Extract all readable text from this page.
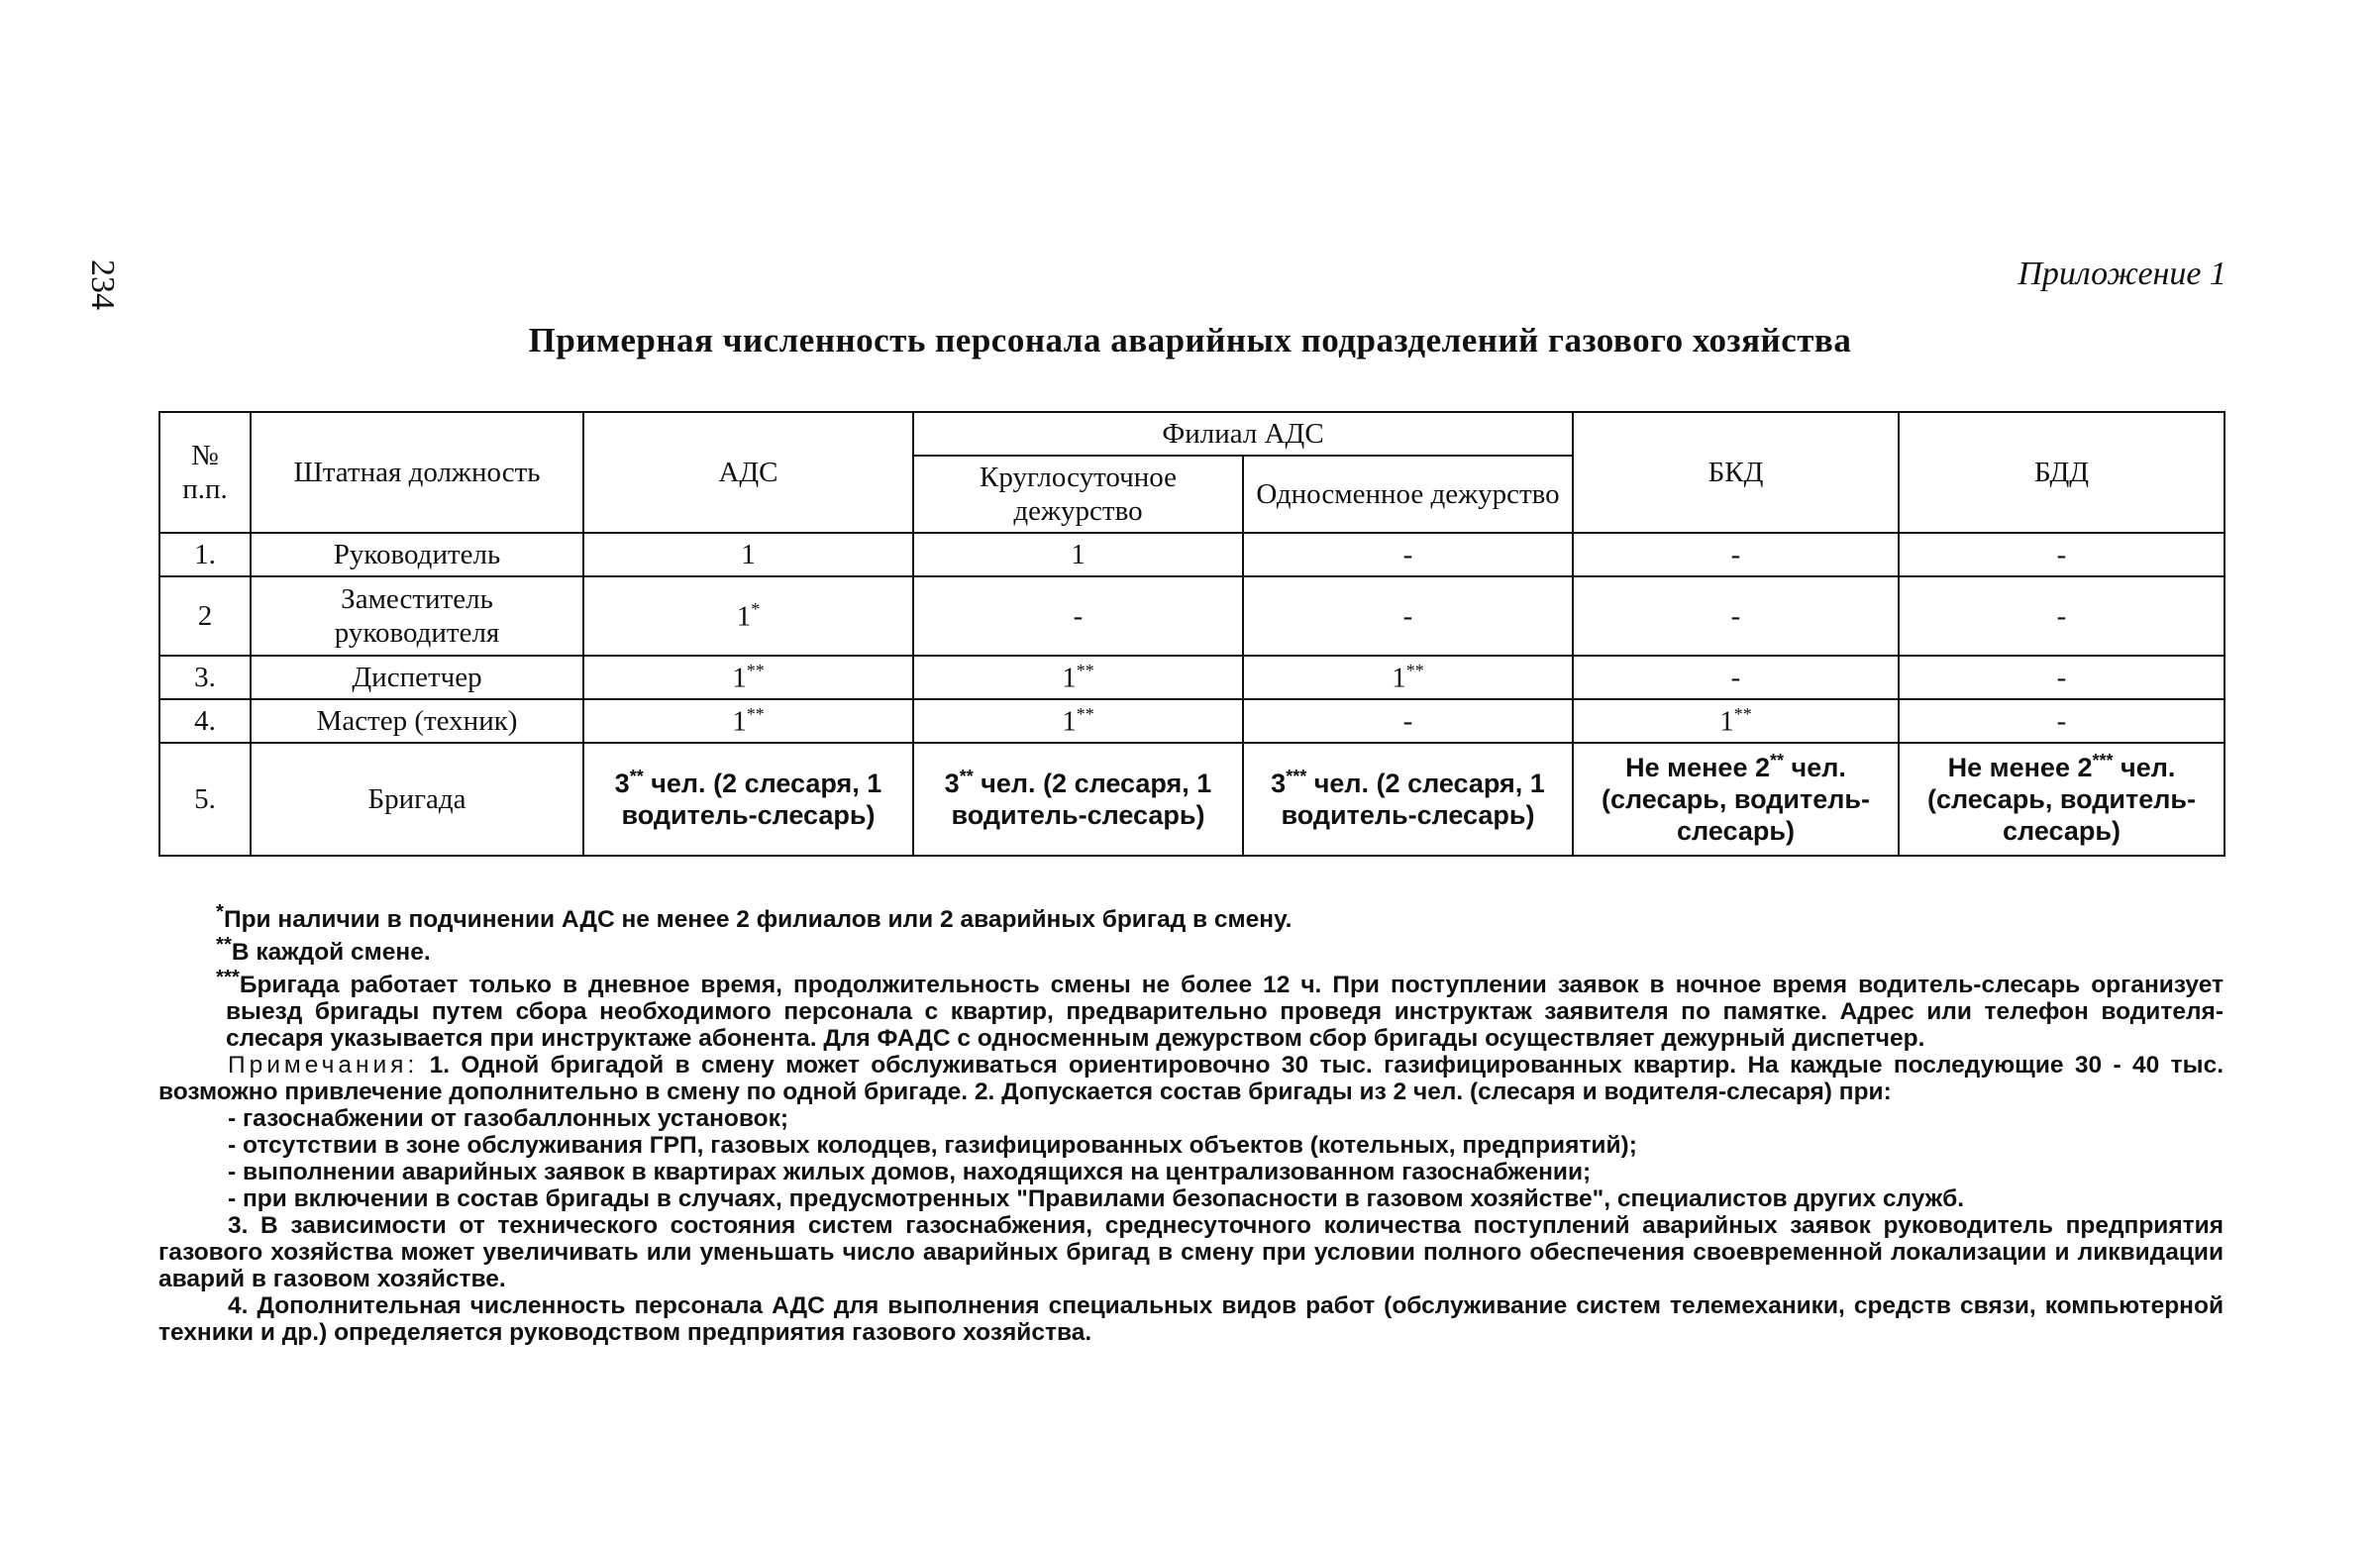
234	Приложение 1
Примерная численность персонала аварийных подразделений газового хозяйства
№ п.п.	Штатная должность	АДС	Филиал АДС		БКД	БДД
			Круглосуточное дежурство	Односменное дежурство		
1.	Руководитель	1	1	-	-	-
2	Заместитель руководителя	1*	-	-	-	-
3.	Диспетчер	1**	1**	1**	-	-
4.	Мастер (техник)	1**	1**	-	1**	-
5.	Бригада	3** чел. (2 слесаря, 1 водитель-слесарь)	3** чел. (2 слесаря, 1 водитель-слесарь)	3*** чел. (2 слесаря, 1 водитель-слесарь)	Не менее 2** чел. (слесарь, водитель-слесарь)	Не менее 2*** чел. (слесарь, водитель-слесарь)

*При наличии в подчинении АДС не менее 2 филиалов или 2 аварийных бригад в смену.

**В каждой смене.

***Бригада работает только в дневное время, продолжительность смены не более 12 ч. При поступлении заявок в ночное время водитель-слесарь организует выезд бригады путем сбора необходимого персонала с квартир, предварительно проведя инструктаж заявителя по памятке. Адрес или телефон водителя-слесаря указывается при инструктаже абонента. Для ФАДС с односменным дежурством сбор бригады осуществляет дежурный диспетчер.

Примечания: 1. Одной бригадой в смену может обслуживаться ориентировочно 30 тыс. газифицированных квартир. На каждые последующие 30 - 40 тыс. возможно привлечение дополнительно в смену по одной бригаде. 2. Допускается состав бригады из 2 чел. (слесаря и водителя-слесаря) при:

- газоснабжении от газобаллонных установок;

- отсутствии в зоне обслуживания ГРП, газовых колодцев, газифицированных объектов (котельных, предприятий);

- выполнении аварийных заявок в квартирах жилых домов, находящихся на централизованном газоснабжении;

- при включении в состав бригады в случаях, предусмотренных "Правилами безопасности в газовом хозяйстве", специалистов других служб.

3. В зависимости от технического состояния систем газоснабжения, среднесуточного количества поступлений аварийных заявок руководитель предприятия газового хозяйства может увеличивать или уменьшать число аварийных бригад в смену при условии полного обеспечения своевременной локализации и ликвидации аварий в газовом хозяйстве.

4. Дополнительная численность персонала АДС для выполнения специальных видов работ (обслуживание систем телемеханики, средств связи, компьютерной техники и др.) определяется руководством предприятия газового хозяйства.
